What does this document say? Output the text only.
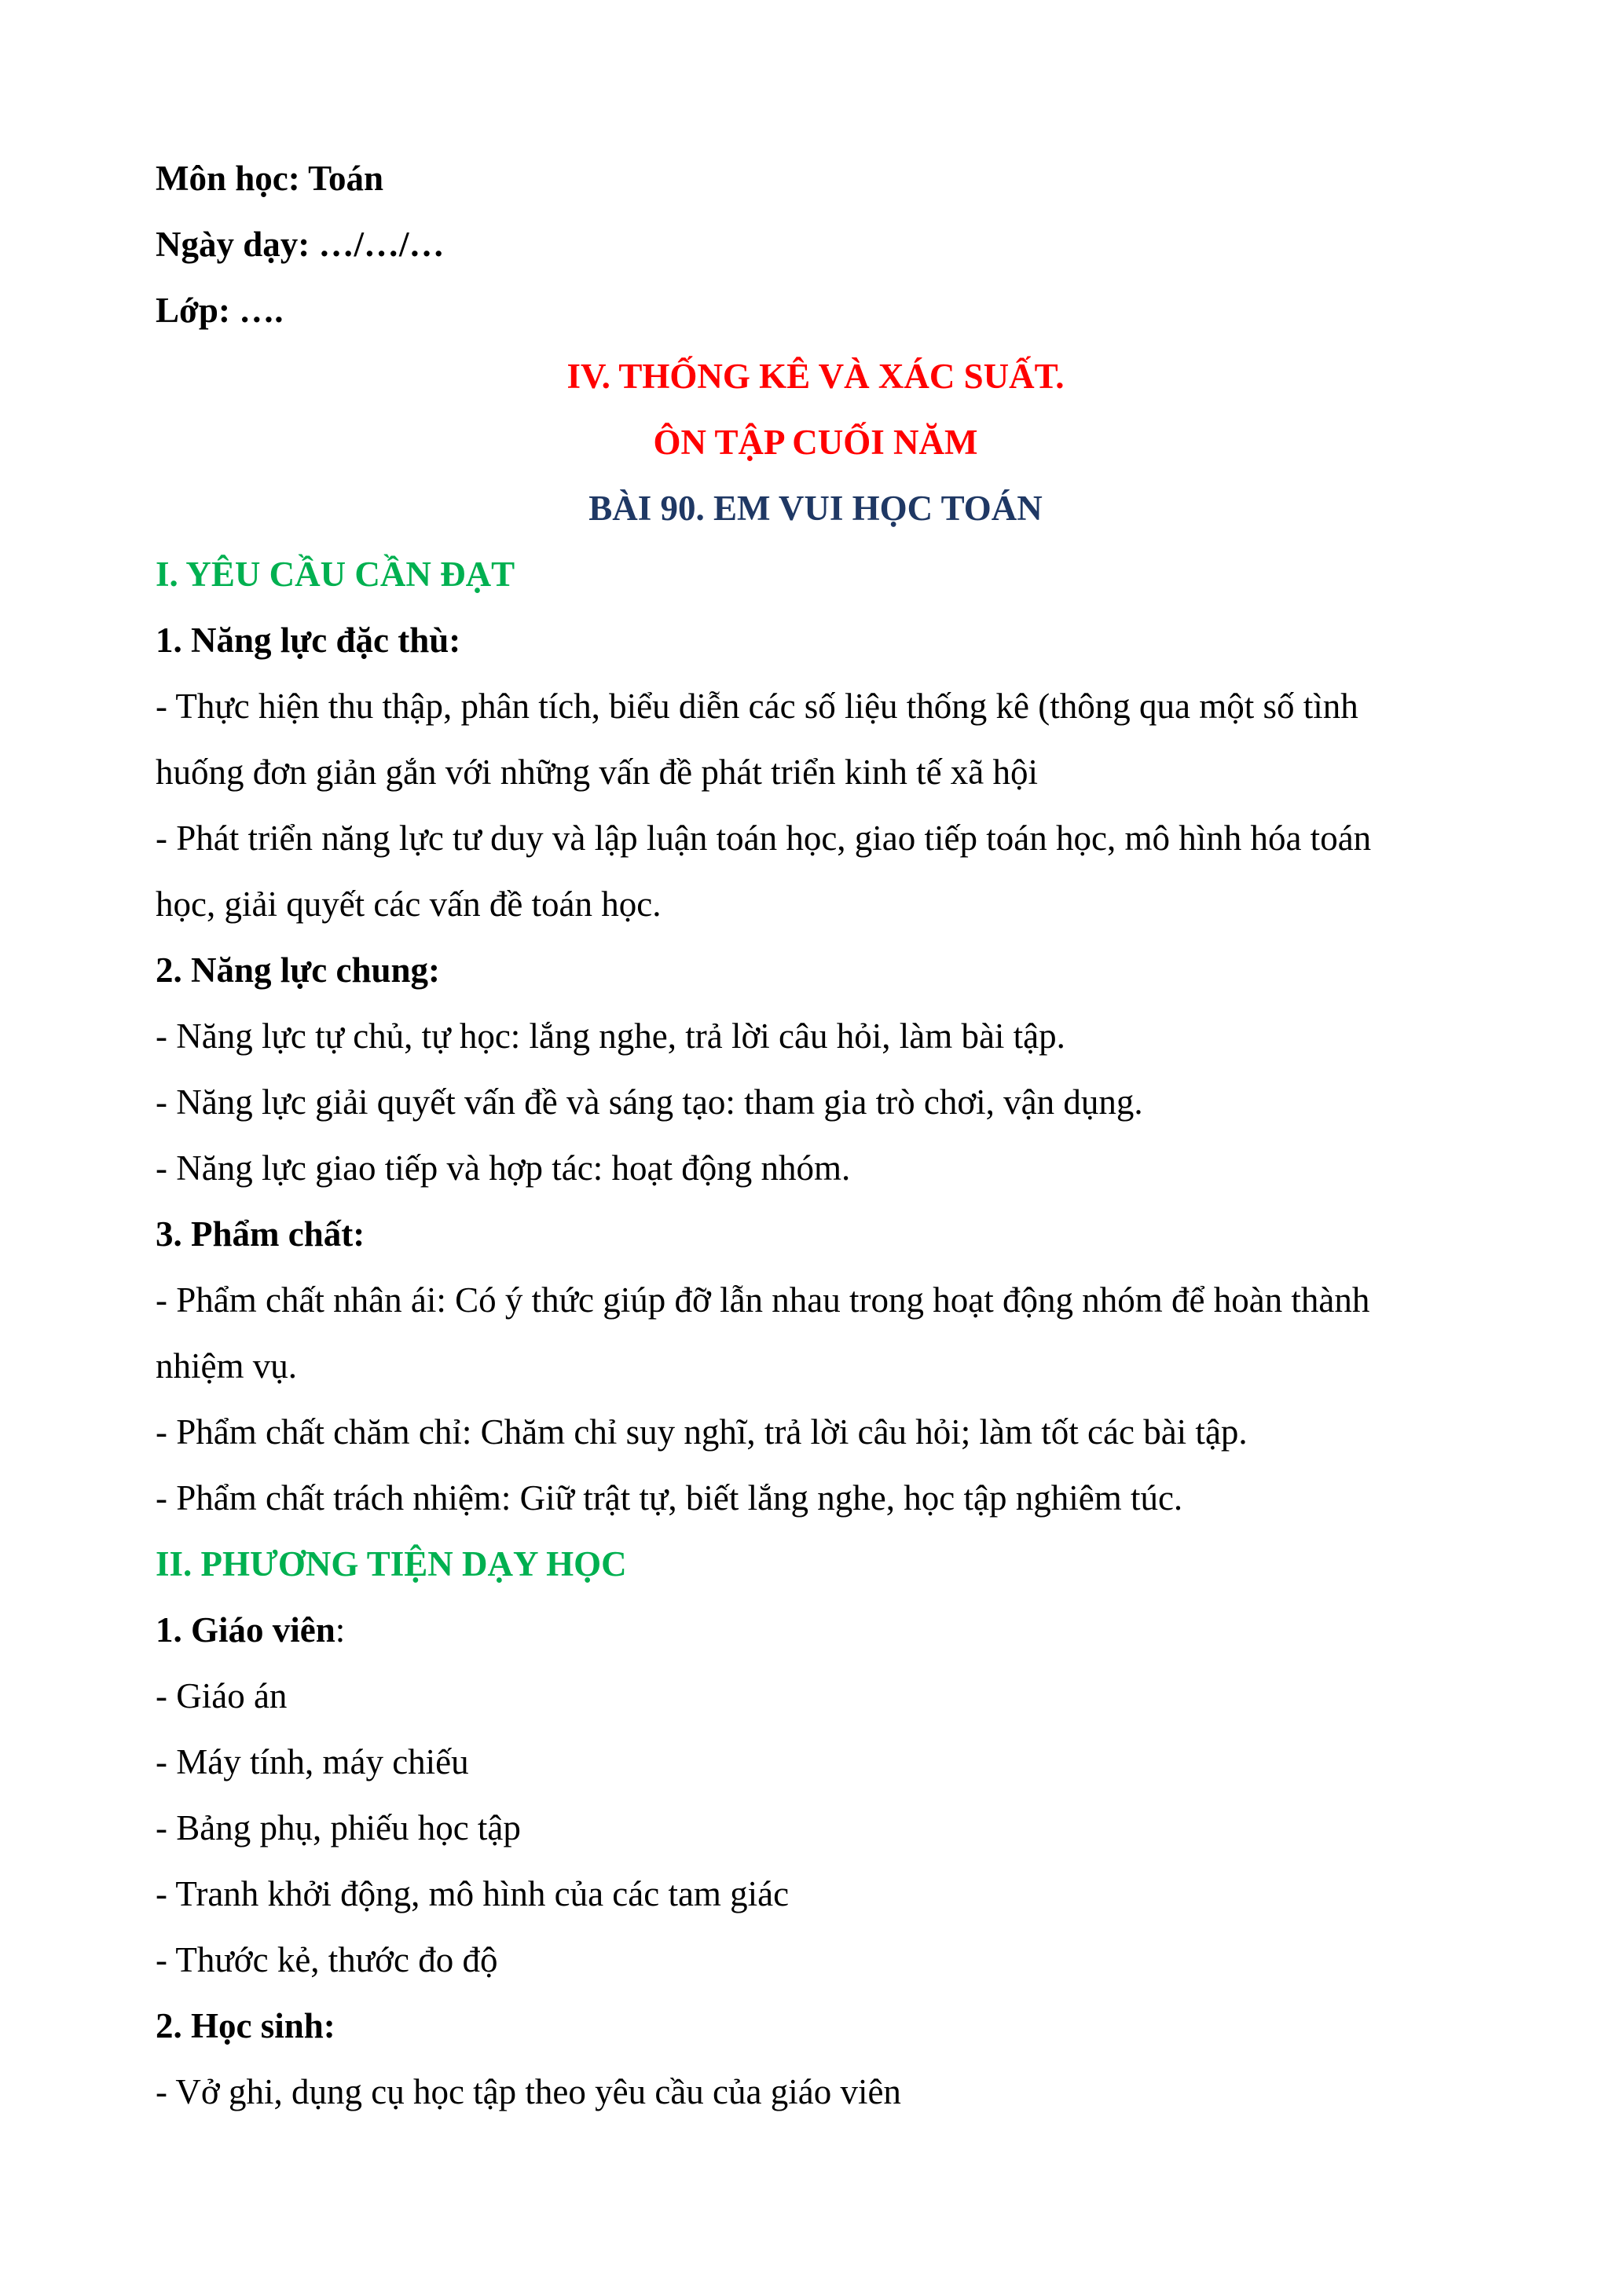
Môn học: Toán
Ngày dạy: …/…/…
Lớp: ….
IV. THỐNG KÊ VÀ XÁC SUẤT.
ÔN TẬP CUỐI NĂM
BÀI 90. EM VUI HỌC TOÁN
I. YÊU CẦU CẦN ĐẠT
1. Năng lực đặc thù:
- Thực hiện thu thập, phân tích, biểu diễn các số liệu thống kê (thông qua một số tình
huống đơn giản gắn với những vấn đề phát triển kinh tế xã hội
- Phát triển năng lực tư duy và lập luận toán học, giao tiếp toán học, mô hình hóa toán
học, giải quyết các vấn đề toán học.
2. Năng lực chung:
- Năng lực tự chủ, tự học: lắng nghe, trả lời câu hỏi, làm bài tập.
- Năng lực giải quyết vấn đề và sáng tạo: tham gia trò chơi, vận dụng.
- Năng lực giao tiếp và hợp tác: hoạt động nhóm.
3. Phẩm chất:
- Phẩm chất nhân ái: Có ý thức giúp đỡ lẫn nhau trong hoạt động nhóm để hoàn thành
nhiệm vụ.
- Phẩm chất chăm chỉ: Chăm chỉ suy nghĩ, trả lời câu hỏi; làm tốt các bài tập.
- Phẩm chất trách nhiệm: Giữ trật tự, biết lắng nghe, học tập nghiêm túc.
II. PHƯƠNG TIỆN DẠY HỌC
1. Giáo viên:
- Giáo án
- Máy tính, máy chiếu
- Bảng phụ, phiếu học tập
- Tranh khởi động, mô hình của các tam giác
- Thước kẻ, thước đo độ
2. Học sinh:
- Vở ghi, dụng cụ học tập theo yêu cầu của giáo viên
